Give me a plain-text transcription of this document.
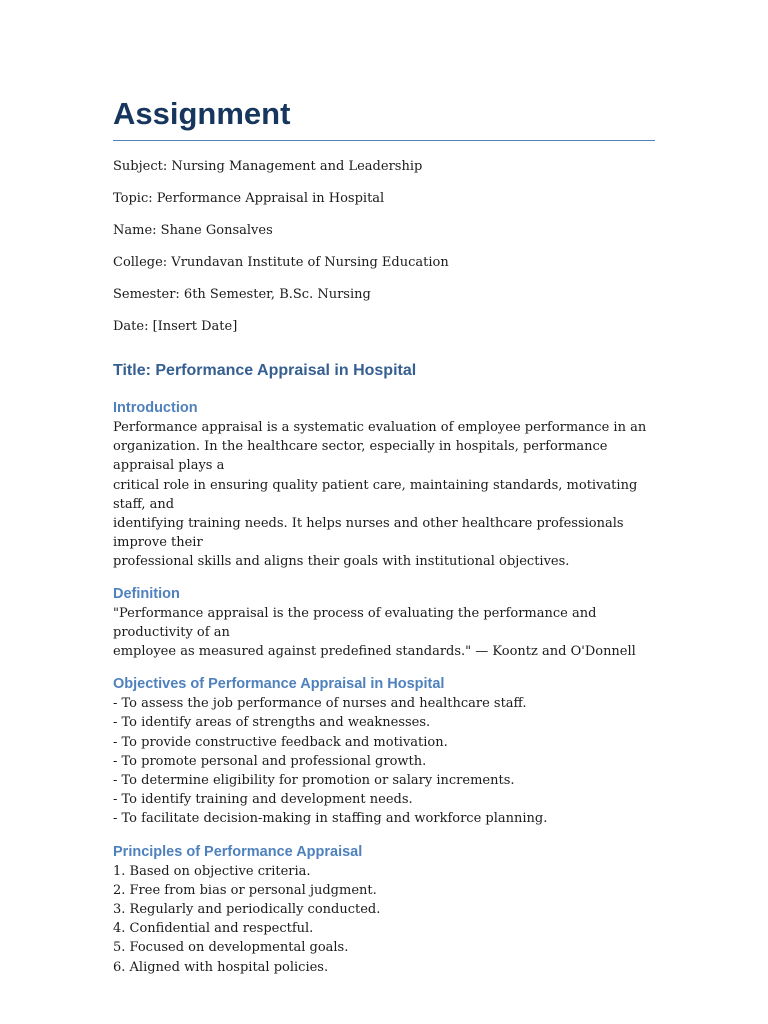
Assignment

Subject: Nursing Management and Leadership

Topic: Performance Appraisal in Hospital

Name: Shane Gonsalves

College: Vrundavan Institute of Nursing Education

Semester: 6th Semester, B.Sc. Nursing

Date: [Insert Date]

Title: Performance Appraisal in Hospital
Introduction
Performance appraisal is a systematic evaluation of employee performance in an
organization. In the healthcare sector, especially in hospitals, performance appraisal plays a
critical role in ensuring quality patient care, maintaining standards, motivating staff, and
identifying training needs. It helps nurses and other healthcare professionals improve their
professional skills and aligns their goals with institutional objectives.
Definition
"Performance appraisal is the process of evaluating the performance and productivity of an
employee as measured against predefined standards." — Koontz and O'Donnell
Objectives of Performance Appraisal in Hospital
- To assess the job performance of nurses and healthcare staff.
- To identify areas of strengths and weaknesses.
- To provide constructive feedback and motivation.
- To promote personal and professional growth.
- To determine eligibility for promotion or salary increments.
- To identify training and development needs.
- To facilitate decision-making in staffing and workforce planning.
Principles of Performance Appraisal
1. Based on objective criteria.
2. Free from bias or personal judgment.
3. Regularly and periodically conducted.
4. Confidential and respectful.
5. Focused on developmental goals.
6. Aligned with hospital policies.
